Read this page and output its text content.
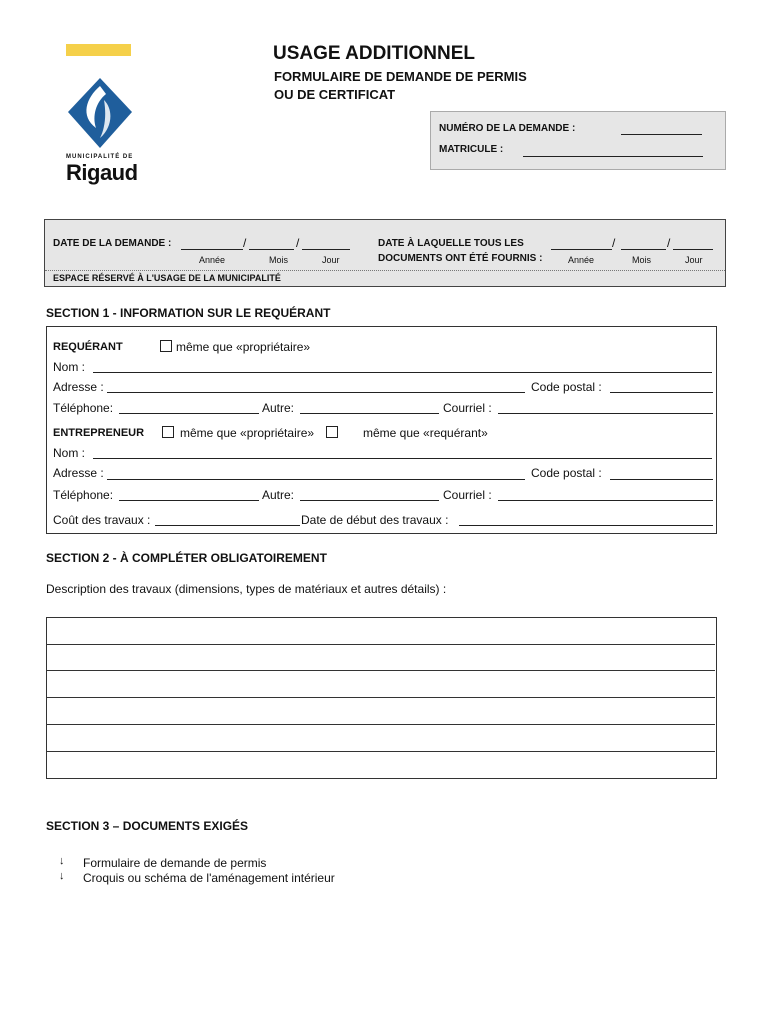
MUNICIPALITÉ DE
Rigaud
USAGE ADDITIONNEL
FORMULAIRE DE DEMANDE DE PERMIS
OU DE CERTIFICAT
NUMÉRO DE LA DEMANDE :
MATRICULE :
DATE DE LA DEMANDE :	/	/
Année	Mois	Jour
DATE À LAQUELLE TOUS LES
DOCUMENTS ONT ÉTÉ FOURNIS :
/	/
Année	Mois	Jour
ESPACE RÉSERVÉ À L'USAGE DE LA MUNICIPALITÉ
SECTION 1 - INFORMATION SUR LE REQUÉRANT
REQUÉRANT	même que «propriétaire»
Nom :
Adresse :	Code postal :
Téléphone:	Autre:	Courriel :
ENTREPRENEUR	même que «propriétaire»	même que «requérant»
Nom :
Adresse :	Code postal :
Téléphone:	Autre:	Courriel :
Coût des travaux :	Date de début des travaux :
SECTION 2 - À COMPLÉTER OBLIGATOIREMENT
Description des travaux (dimensions, types de matériaux et autres détails) :
SECTION 3 – DOCUMENTS EXIGÉS
↓ Formulaire de demande de permis
↓ Croquis ou schéma de l'aménagement intérieur
